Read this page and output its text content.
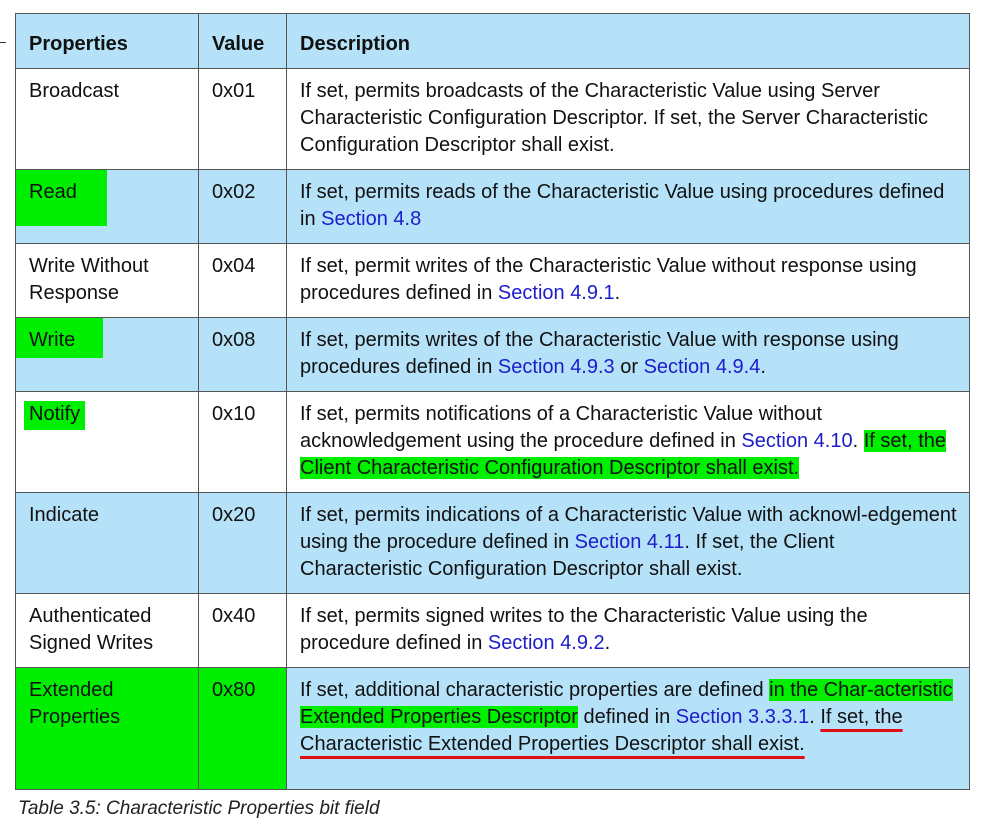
Properties	Value	Description
Broadcast	0x01	If set, permits broadcasts of the Characteristic Value using Server Characteristic Configuration Descriptor. If set, the Server Characteristic Configuration Descriptor shall exist.
Read	0x02	If set, permits reads of the Characteristic Value using procedures defined in Section 4.8
Write Without Response	0x04	If set, permit writes of the Characteristic Value without response using procedures defined in Section 4.9.1.
Write	0x08	If set, permits writes of the Characteristic Value with response using procedures defined in Section 4.9.3 or Section 4.9.4.
Notify	0x10	If set, permits notifications of a Characteristic Value without acknowledgement using the procedure defined in Section 4.10. If set, the Client Characteristic Configuration Descriptor shall exist.
Indicate	0x20	If set, permits indications of a Characteristic Value with acknowl-edgement using the procedure defined in Section 4.11. If set, the Client Characteristic Configuration Descriptor shall exist.
Authenticated Signed Writes	0x40	If set, permits signed writes to the Characteristic Value using the procedure defined in Section 4.9.2.
Extended Properties	0x80	If set, additional characteristic properties are defined in the Char-acteristic Extended Properties Descriptor defined in Section 3.3.3.1. If set, the Characteristic Extended Properties Descriptor shall exist.
Table 3.5: Characteristic Properties bit field
